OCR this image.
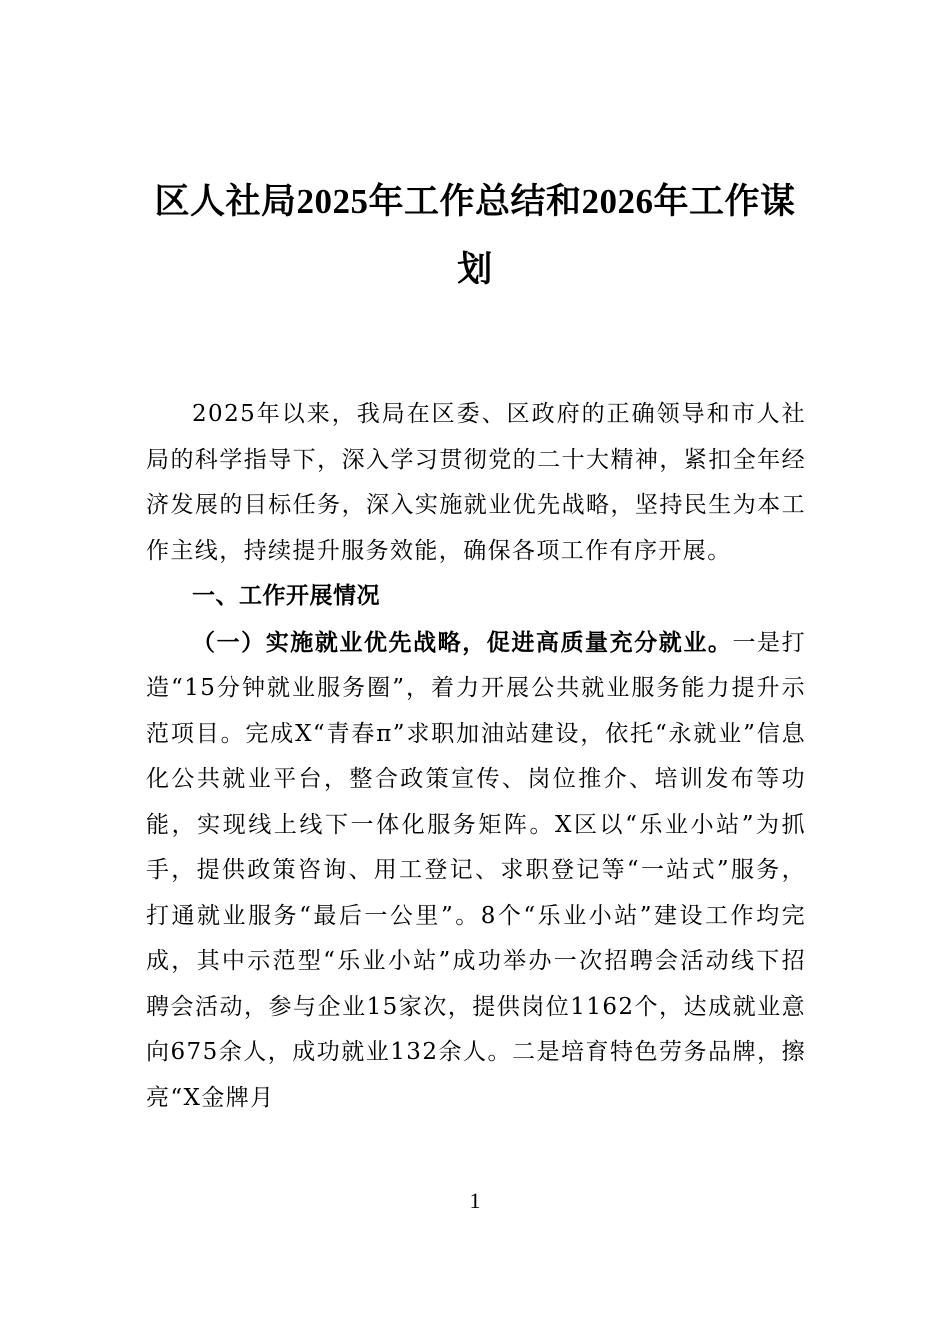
区人社局2025年工作总结和2026年工作谋划

2025年以来，我局在区委、区政府的正确领导和市人社局的科学指导下，深入学习贯彻党的二十大精神，紧扣全年经济发展的目标任务，深入实施就业优先战略，坚持民生为本工作主线，持续提升服务效能，确保各项工作有序开展。

一、工作开展情况

（一）实施就业优先战略，促进高质量充分就业。一是打造“15分钟就业服务圈”，着力开展公共就业服务能力提升示范项目。完成X“青春π”求职加油站建设，依托“永就业”信息化公共就业平台，整合政策宣传、岗位推介、培训发布等功能，实现线上线下一体化服务矩阵。X区以“乐业小站”为抓手，提供政策咨询、用工登记、求职登记等“一站式”服务，打通就业服务“最后一公里”。8个“乐业小站”建设工作均完成，其中示范型“乐业小站”成功举办一次招聘会活动线下招聘会活动，参与企业15家次，提供岗位1162个，达成就业意向675余人，成功就业132余人。二是培育特色劳务品牌，擦亮“X金牌月

1
